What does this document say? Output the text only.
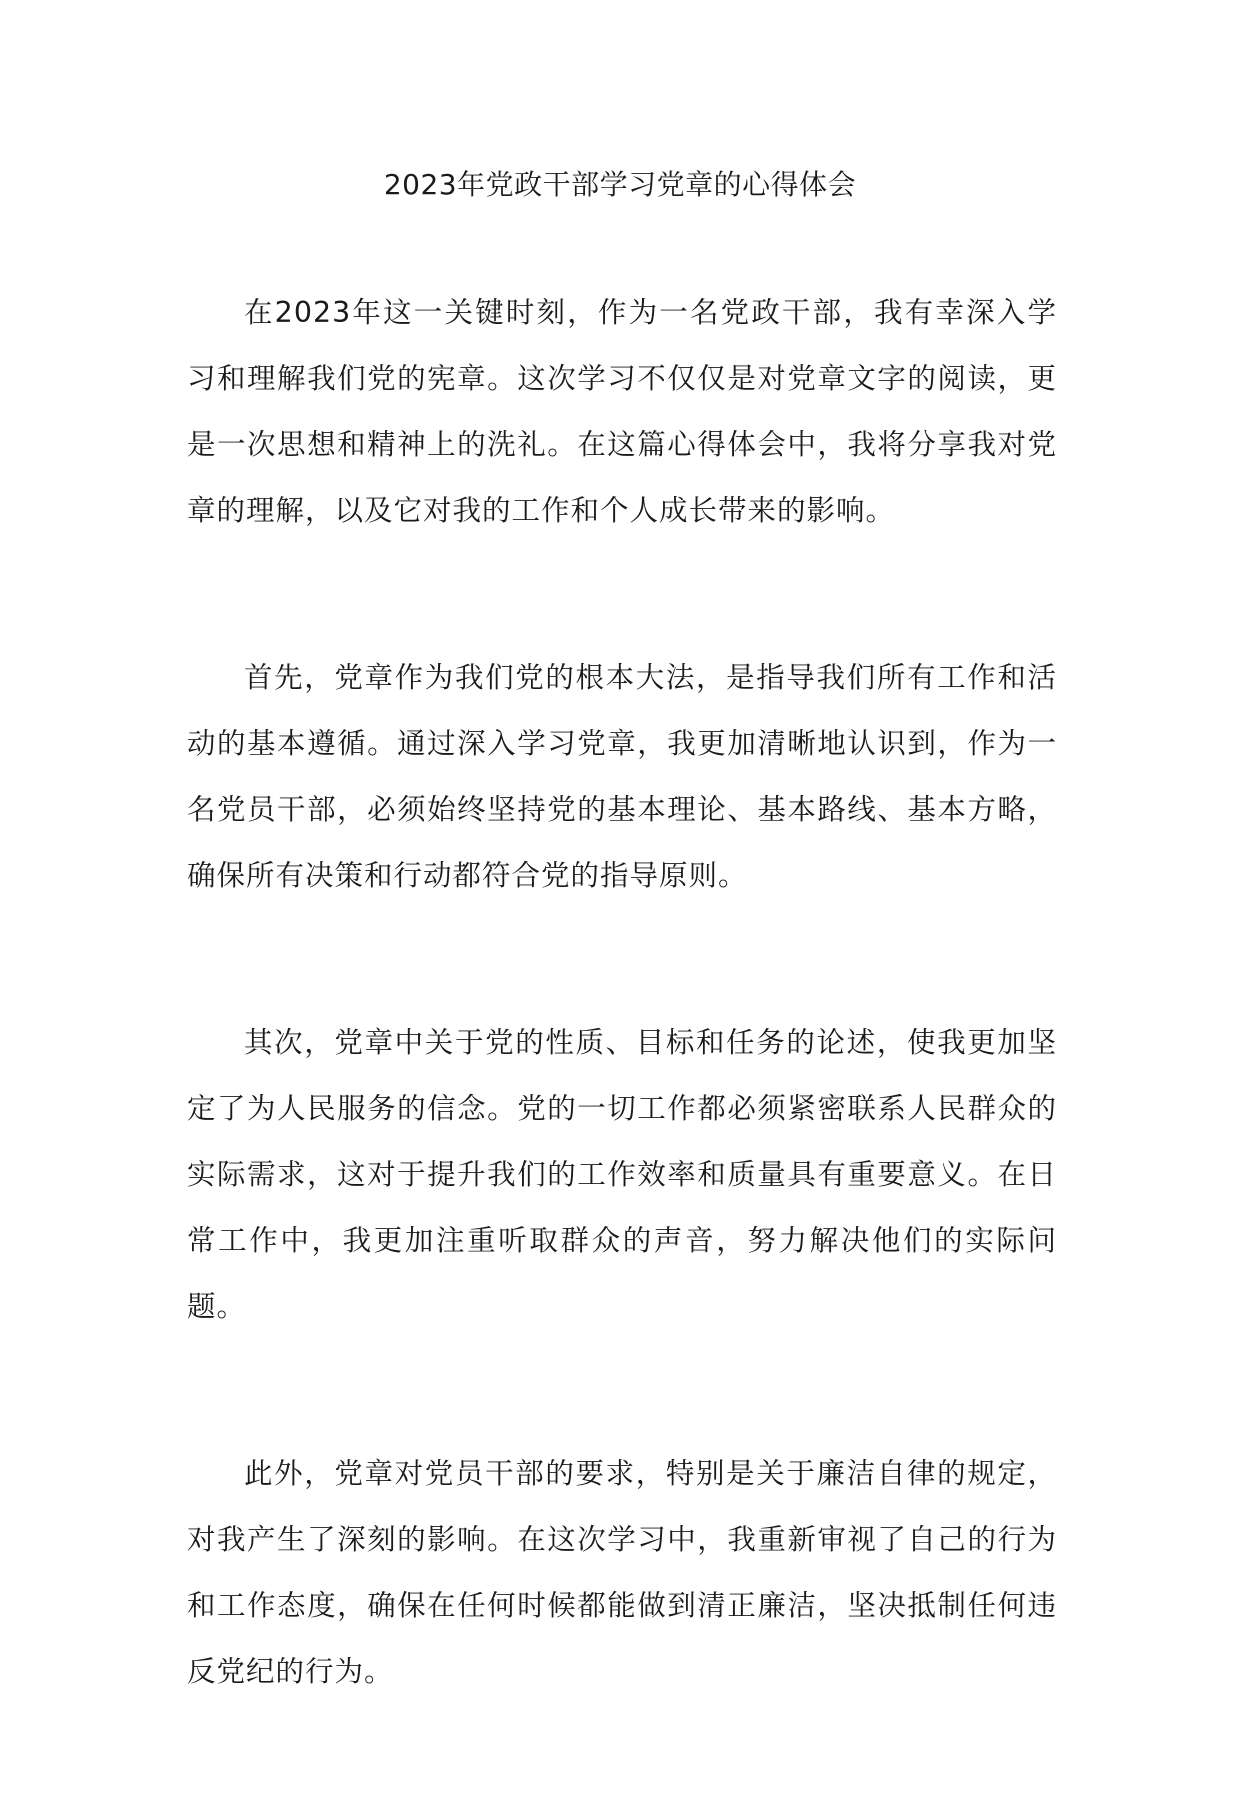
2023年党政干部学习党章的心得体会

在2023年这一关键时刻，作为一名党政干部，我有幸深入学习和理解我们党的宪章。这次学习不仅仅是对党章文字的阅读，更是一次思想和精神上的洗礼。在这篇心得体会中，我将分享我对党章的理解，以及它对我的工作和个人成长带来的影响。

首先，党章作为我们党的根本大法，是指导我们所有工作和活动的基本遵循。通过深入学习党章，我更加清晰地认识到，作为一名党员干部，必须始终坚持党的基本理论、基本路线、基本方略，确保所有决策和行动都符合党的指导原则。

其次，党章中关于党的性质、目标和任务的论述，使我更加坚定了为人民服务的信念。党的一切工作都必须紧密联系人民群众的实际需求，这对于提升我们的工作效率和质量具有重要意义。在日常工作中，我更加注重听取群众的声音，努力解决他们的实际问题。

此外，党章对党员干部的要求，特别是关于廉洁自律的规定，对我产生了深刻的影响。在这次学习中，我重新审视了自己的行为和工作态度，确保在任何时候都能做到清正廉洁，坚决抵制任何违反党纪的行为。
